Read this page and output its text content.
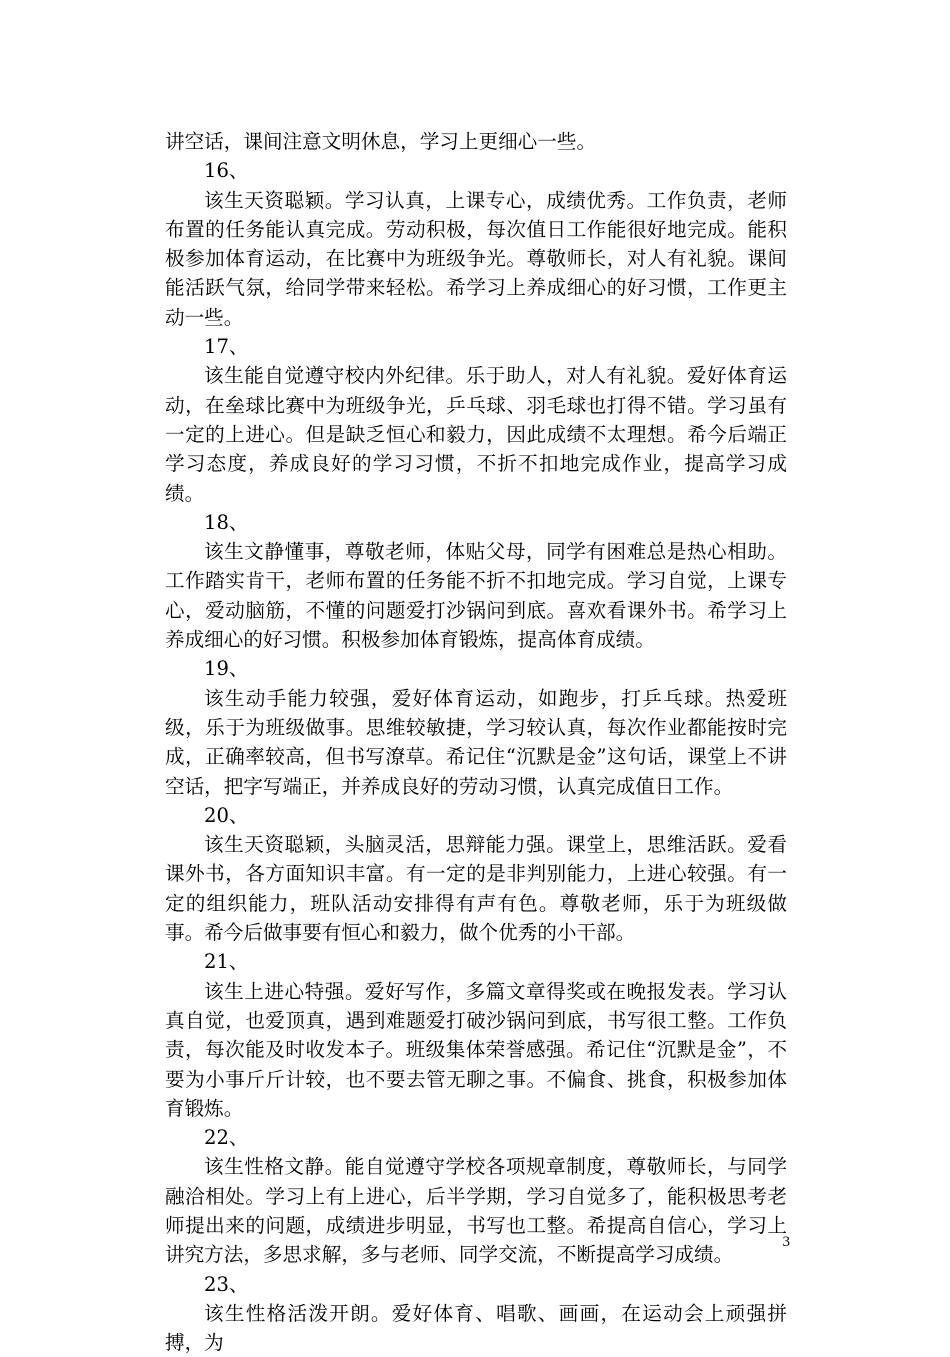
讲空话，课间注意文明休息，学习上更细心一些。

16、

该生天资聪颖。学习认真，上课专心，成绩优秀。工作负责，老师布置的任务能认真完成。劳动积极，每次值日工作能很好地完成。能积极参加体育运动，在比赛中为班级争光。尊敬师长，对人有礼貌。课间能活跃气氛，给同学带来轻松。希学习上养成细心的好习惯，工作更主动一些。

17、

该生能自觉遵守校内外纪律。乐于助人，对人有礼貌。爱好体育运动，在垒球比赛中为班级争光，乒乓球、羽毛球也打得不错。学习虽有一定的上进心。但是缺乏恒心和毅力，因此成绩不太理想。希今后端正学习态度，养成良好的学习习惯，不折不扣地完成作业，提高学习成绩。

18、

该生文静懂事，尊敬老师，体贴父母，同学有困难总是热心相助。工作踏实肯干，老师布置的任务能不折不扣地完成。学习自觉，上课专心，爱动脑筋，不懂的问题爱打沙锅问到底。喜欢看课外书。希学习上养成细心的好习惯。积极参加体育锻炼，提高体育成绩。

19、

该生动手能力较强，爱好体育运动，如跑步，打乒乓球。热爱班级，乐于为班级做事。思维较敏捷，学习较认真，每次作业都能按时完成，正确率较高，但书写潦草。希记住“沉默是金”这句话，课堂上不讲空话，把字写端正，并养成良好的劳动习惯，认真完成值日工作。

20、

该生天资聪颖，头脑灵活，思辩能力强。课堂上，思维活跃。爱看课外书，各方面知识丰富。有一定的是非判别能力，上进心较强。有一定的组织能力，班队活动安排得有声有色。尊敬老师，乐于为班级做事。希今后做事要有恒心和毅力，做个优秀的小干部。

21、

该生上进心特强。爱好写作，多篇文章得奖或在晚报发表。学习认真自觉，也爱顶真，遇到难题爱打破沙锅问到底，书写很工整。工作负责，每次能及时收发本子。班级集体荣誉感强。希记住“沉默是金”，不要为小事斤斤计较，也不要去管无聊之事。不偏食、挑食，积极参加体育锻炼。

22、

该生性格文静。能自觉遵守学校各项规章制度，尊敬师长，与同学融洽相处。学习上有上进心，后半学期，学习自觉多了，能积极思考老师提出来的问题，成绩进步明显，书写也工整。希提高自信心，学习上讲究方法，多思求解，多与老师、同学交流，不断提高学习成绩。

23、

该生性格活泼开朗。爱好体育、唱歌、画画，在运动会上顽强拼搏，为

3
